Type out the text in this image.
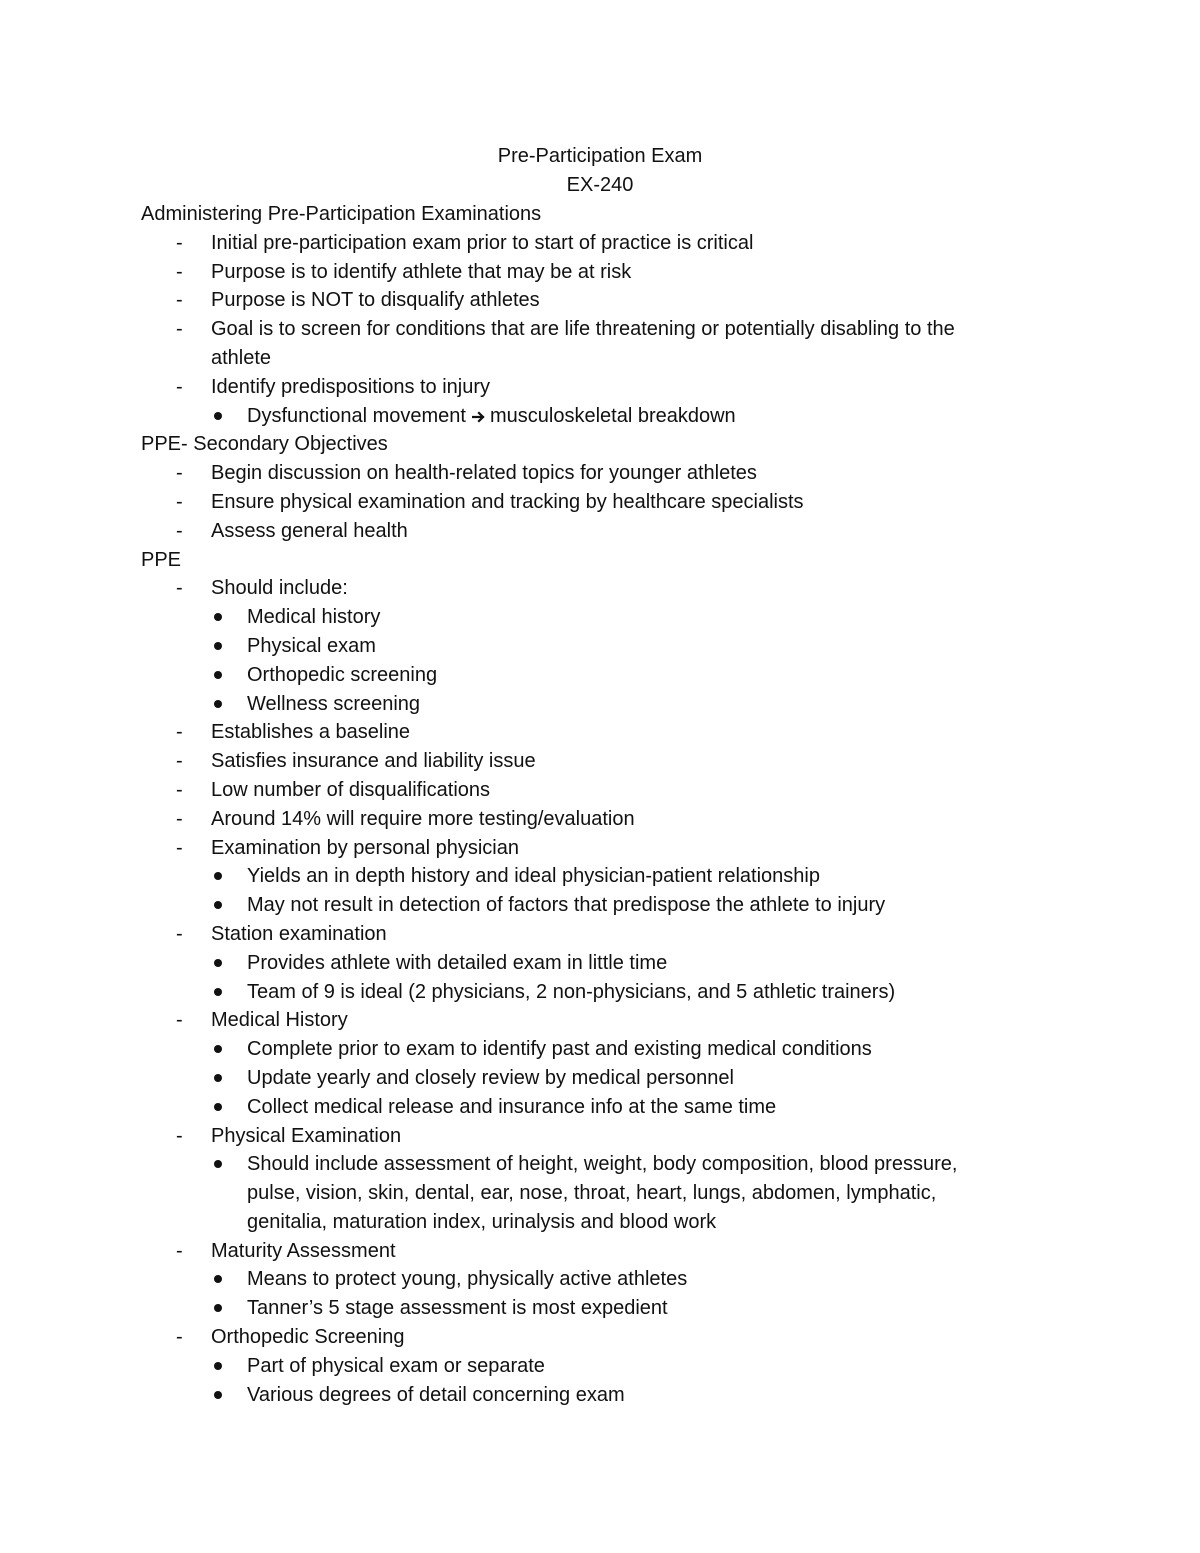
Pre-Participation Exam
EX-240
Administering Pre-Participation Examinations
- Initial pre-participation exam prior to start of practice is critical
- Purpose is to identify athlete that may be at risk
- Purpose is NOT to disqualify athletes
- Goal is to screen for conditions that are life threatening or potentially disabling to the
athlete
- Identify predispositions to injury
Dysfunctional movement musculoskeletal breakdown
PPE- Secondary Objectives
- Begin discussion on health-related topics for younger athletes
- Ensure physical examination and tracking by healthcare specialists
- Assess general health
PPE
- Should include:
Medical history
Physical exam
Orthopedic screening
Wellness screening
- Establishes a baseline
- Satisfies insurance and liability issue
- Low number of disqualifications
- Around 14% will require more testing/evaluation
- Examination by personal physician
Yields an in depth history and ideal physician-patient relationship
May not result in detection of factors that predispose the athlete to injury
- Station examination
Provides athlete with detailed exam in little time
Team of 9 is ideal (2 physicians, 2 non-physicians, and 5 athletic trainers)
- Medical History
Complete prior to exam to identify past and existing medical conditions
Update yearly and closely review by medical personnel
Collect medical release and insurance info at the same time
- Physical Examination
Should include assessment of height, weight, body composition, blood pressure,
pulse, vision, skin, dental, ear, nose, throat, heart, lungs, abdomen, lymphatic,
genitalia, maturation index, urinalysis and blood work
- Maturity Assessment
Means to protect young, physically active athletes
Tanner’s 5 stage assessment is most expedient
- Orthopedic Screening
Part of physical exam or separate
Various degrees of detail concerning exam
